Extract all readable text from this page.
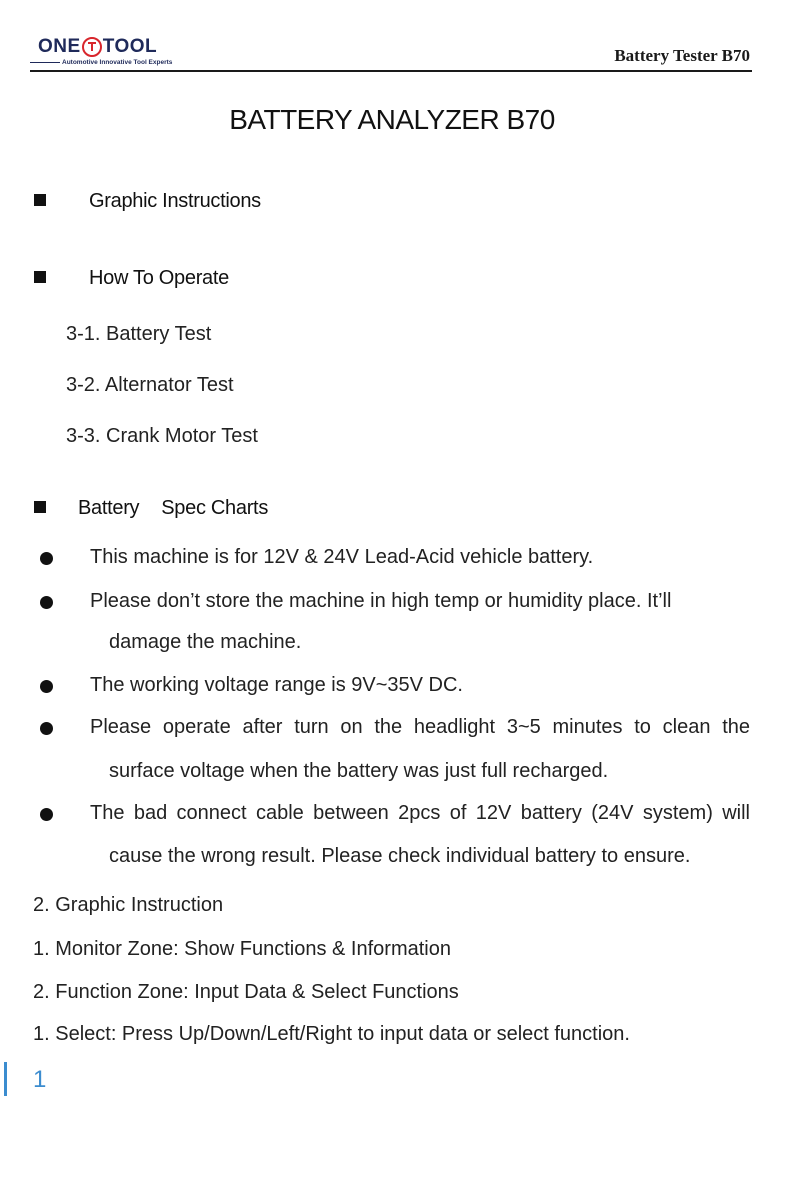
ONE TOOL
Automotive Innovative Tool Experts	Battery Tester B70
BATTERY ANALYZER B70
Graphic Instructions
How To Operate
3-1. Battery Test
3-2. Alternator Test
3-3. Crank Motor Test
Battery Spec Charts
This machine is for 12V & 24V Lead-Acid vehicle battery.
Please don’t store the machine in high temp or humidity place. It’ll
damage the machine.
The working voltage range is 9V~35V DC.
Please operate after turn on the headlight 3~5 minutes to clean the
surface voltage when the battery was just full recharged.
The bad connect cable between 2pcs of 12V battery (24V system) will
cause the wrong result. Please check individual battery to ensure.
2. Graphic Instruction
1. Monitor Zone: Show Functions & Information
2. Function Zone: Input Data & Select Functions
1. Select: Press Up/Down/Left/Right to input data or select function.
1
